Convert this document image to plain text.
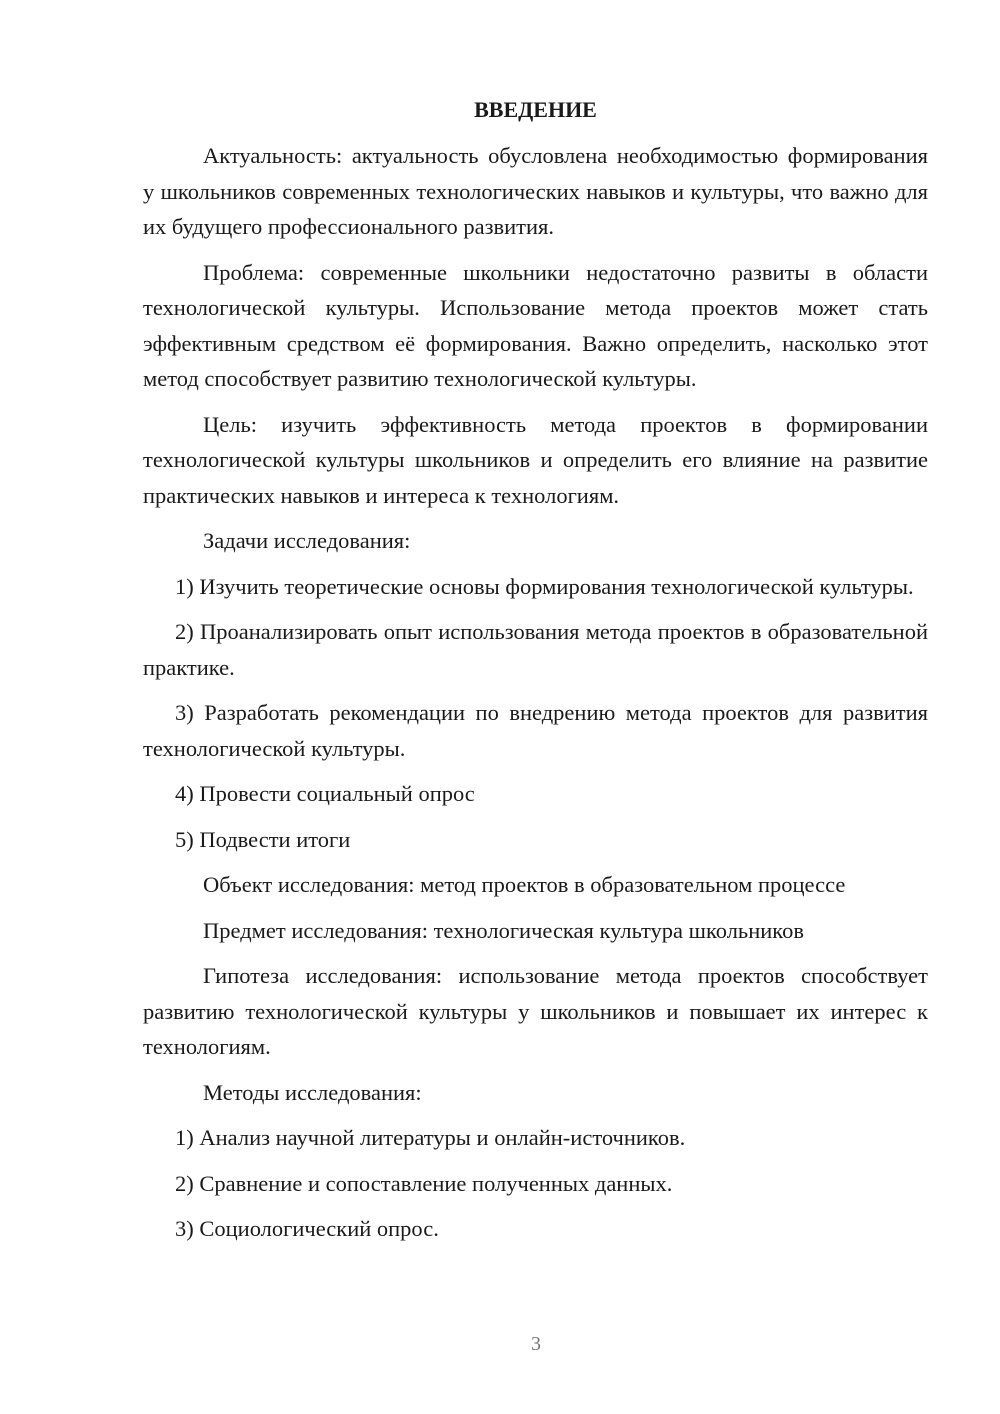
ВВЕДЕНИЕ

Актуальность: актуальность обусловлена необходимостью формирования у школьников современных технологических навыков и культуры, что важно для их будущего профессионального развития.

Проблема: современные школьники недостаточно развиты в области технологической культуры. Использование метода проектов может стать эффективным средством её формирования. Важно определить, насколько этот метод способствует развитию технологической культуры.

Цель: изучить эффективность метода проектов в формировании технологической культуры школьников и определить его влияние на развитие практических навыков и интереса к технологиям.

Задачи исследования:

1) Изучить теоретические основы формирования технологической культуры.

2) Проанализировать опыт использования метода проектов в образовательной практике.

3) Разработать рекомендации по внедрению метода проектов для развития технологической культуры.

4) Провести социальный опрос

5) Подвести итоги

Объект исследования: метод проектов в образовательном процессе

Предмет исследования: технологическая культура школьников

Гипотеза исследования: использование метода проектов способствует развитию технологической культуры у школьников и повышает их интерес к технологиям.

Методы исследования:

1) Анализ научной литературы и онлайн-источников.

2) Сравнение и сопоставление полученных данных.

3) Социологический опрос.

3
